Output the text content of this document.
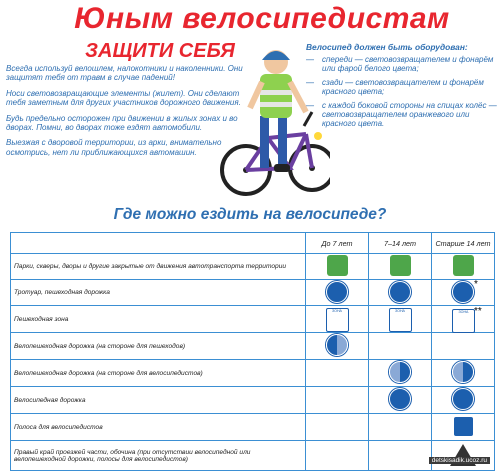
Юным велосипедистам
ЗАЩИТИ СЕБЯ

Всегда используй велошлем, налокотники и наколенники. Они защитят тебя от травм в случае падений!

Носи световозвращающие элементы (жилет). Они сделают тебя заметным для других участников дорожного движения.

Будь предельно осторожен при движении в жилых зонах и во дворах. Помни, во дворах тоже ездят автомобили.

Выезжая с дворовой территории, из арки, внимательно осмотрись, нет ли приближающихся автомашин.

Велосипед должен быть оборудован:
— спереди — световозвращателем и фонарём или фарой белого цвета;
— сзади — световозвращателем и фонарём красного цвета;
— с каждой боковой стороны на спицах колёс — световозвращателем оранжевого или красного цвета.
Где можно ездить на велосипеде?
	До 7 лет	7–14 лет	Старше 14 лет
Парки, скверы, дворы и другие закрытые от движения автотранспорта территории			
Тротуар, пешеходная дорожка			*

Пешеходная зона	ЗОНА	ЗОНА	ЗОНА **

Велопешеходная дорожка (на стороне для пешеходов)			
Велопешеходная дорожка (на стороне для велосипедистов)			
Велосипедная дорожка			
Полоса для велосипедистов			
Правый край проезжей части, обочина (при отсутствии велосипедной или велопешеходной дорожки, полосы для велосипедистов)				detskisadik.ucoz.ru
